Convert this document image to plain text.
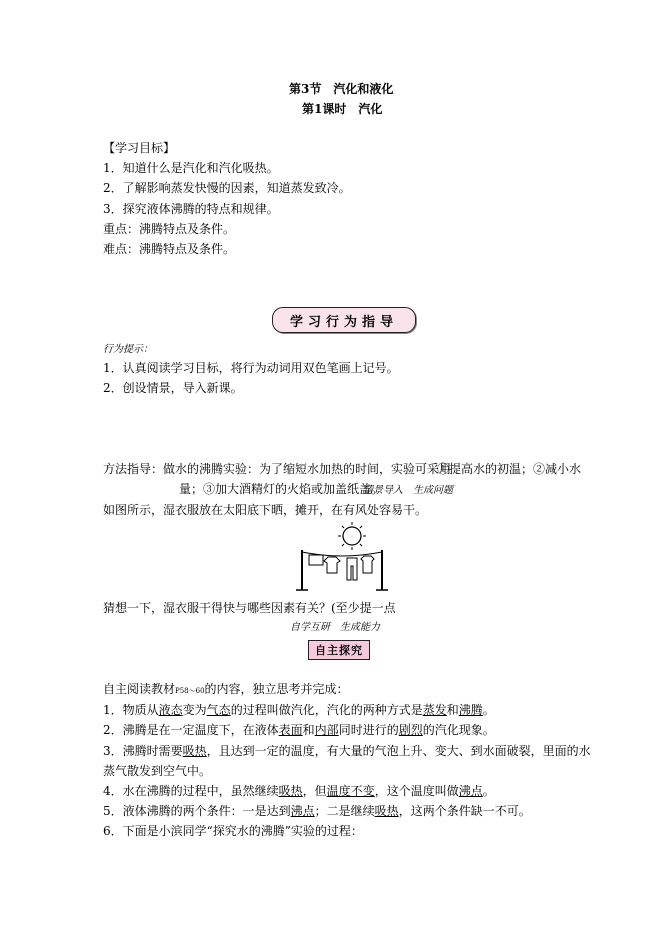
第3节　汽化和液化
第1课时　汽化
【学习目标】
1．知道什么是汽化和汽化吸热。
2．了解影响蒸发快慢的因素，知道蒸发致冷。
3．探究液体沸腾的特点和规律。
重点：沸腾特点及条件。
难点：沸腾特点及条件。
学习行为指导
行为提示：
1．认真阅读学习目标，将行为动词用双色笔画上记号。
2．创设情景，导入新课。
方法指导：做水的沸腾实验：为了缩短水加热的时间，实验可采用①提高水的初温；②减小水
量；③加大酒精灯的火焰或加盖纸盖。
情景导入　生成问题
如图所示，湿衣服放在太阳底下晒，摊开，在有风处容易干。
猜想一下，湿衣服干得快与哪些因素有关？(至少提一点
自学互研　生成能力
自主探究
自主阅读教材P58～60的内容，独立思考并完成：
1．物质从液态变为气态的过程叫做汽化，汽化的两种方式是蒸发和沸腾。
2．沸腾是在一定温度下，在液体表面和内部同时进行的剧烈的汽化现象。
3．沸腾时需要吸热，且达到一定的温度，有大量的气泡上升、变大、到水面破裂，里面的水
蒸气散发到空气中。
4．水在沸腾的过程中，虽然继续吸热，但温度不变，这个温度叫做沸点。
5．液体沸腾的两个条件：一是达到沸点；二是继续吸热，这两个条件缺一不可。
6．下面是小滨同学“探究水的沸腾”实验的过程：
